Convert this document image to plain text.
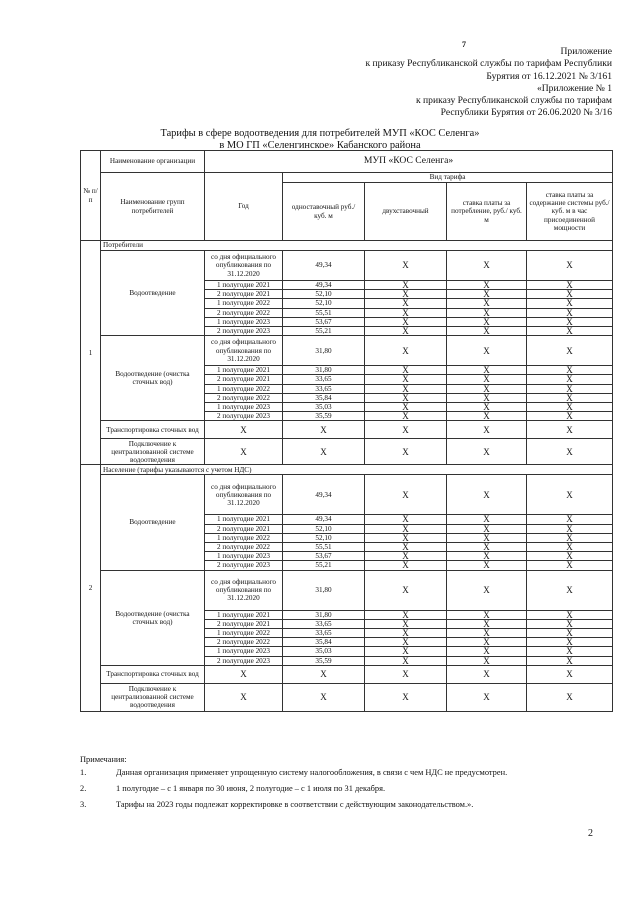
7
Приложение
к приказу Республиканской службы по тарифам Республики
Бурятия от 16.12.2021 № 3/161
«Приложение № 1
к приказу Республиканской службы по тарифам
Республики Бурятия от 26.06.2020 № 3/16
Тарифы в сфере водоотведения для потребителей МУП «КОС Селенга»
в МО ГП «Селенгинское» Кабанского района
№ п/п	Наименование организации	МУП «КОС Селенга»				
	Наименование групп потребителей	Год	Вид тарифа			
			одноставочный руб./ куб. м	двухставочный	ставка платы за потребление, руб./ куб. м	ставка платы за содержание системы руб./куб. м в час присоединенной мощности
1	Потребители					
	Водоотведение	со дня официального опубликования по 31.12.2020	49,34	X	X	X
		1 полугодие 2021	49,34	X	X	X
		2 полугодие 2021	52,10	X	X	X
		1 полугодие 2022	52,10	X	X	X
		2 полугодие 2022	55,51	X	X	X
		1 полугодие 2023	53,67	X	X	X
		2 полугодие 2023	55,21	X	X	X
	Водоотведение (очистка сточных вод)	со дня официального опубликования по 31.12.2020	31,80	X	X	X
		1 полугодие 2021	31,80	X	X	X
		2 полугодие 2021	33,65	X	X	X
		1 полугодие 2022	33,65	X	X	X
		2 полугодие 2022	35,84	X	X	X
		1 полугодие 2023	35,03	X	X	X
		2 полугодие 2023	35,59	X	X	X
	Транспортировка сточных вод	X	X	X	X	X
	Подключение к централизованной системе водоотведения	X	X	X	X	X
2	Население (тарифы указываются с учетом НДС)					
	Водоотведение	со дня официального опубликования по 31.12.2020	49,34	X	X	X
		1 полугодие 2021	49,34	X	X	X
		2 полугодие 2021	52,10	X	X	X
		1 полугодие 2022	52,10	X	X	X
		2 полугодие 2022	55,51	X	X	X
		1 полугодие 2023	53,67	X	X	X
		2 полугодие 2023	55,21	X	X	X
	Водоотведение (очистка сточных вод)	со дня официального опубликования по 31.12.2020	31,80	X	X	X
		1 полугодие 2021	31,80	X	X	X
		2 полугодие 2021	33,65	X	X	X
		1 полугодие 2022	33,65	X	X	X
		2 полугодие 2022	35,84	X	X	X
		1 полугодие 2023	35,03	X	X	X
		2 полугодие 2023	35,59	X	X	X
	Транспортировка сточных вод	X	X	X	X	X
	Подключение к централизованной системе водоотведения	X	X	X	X	X
Примечания:
1.	Данная организация применяет упрощенную систему налогообложения, в связи с чем НДС не предусмотрен.
2.	1 полугодие – с 1 января по 30 июня, 2 полугодие – с 1 июля по 31 декабря.
3.	Тарифы на 2023 годы подлежат корректировке в соответствии с действующим законодательством.».
2
